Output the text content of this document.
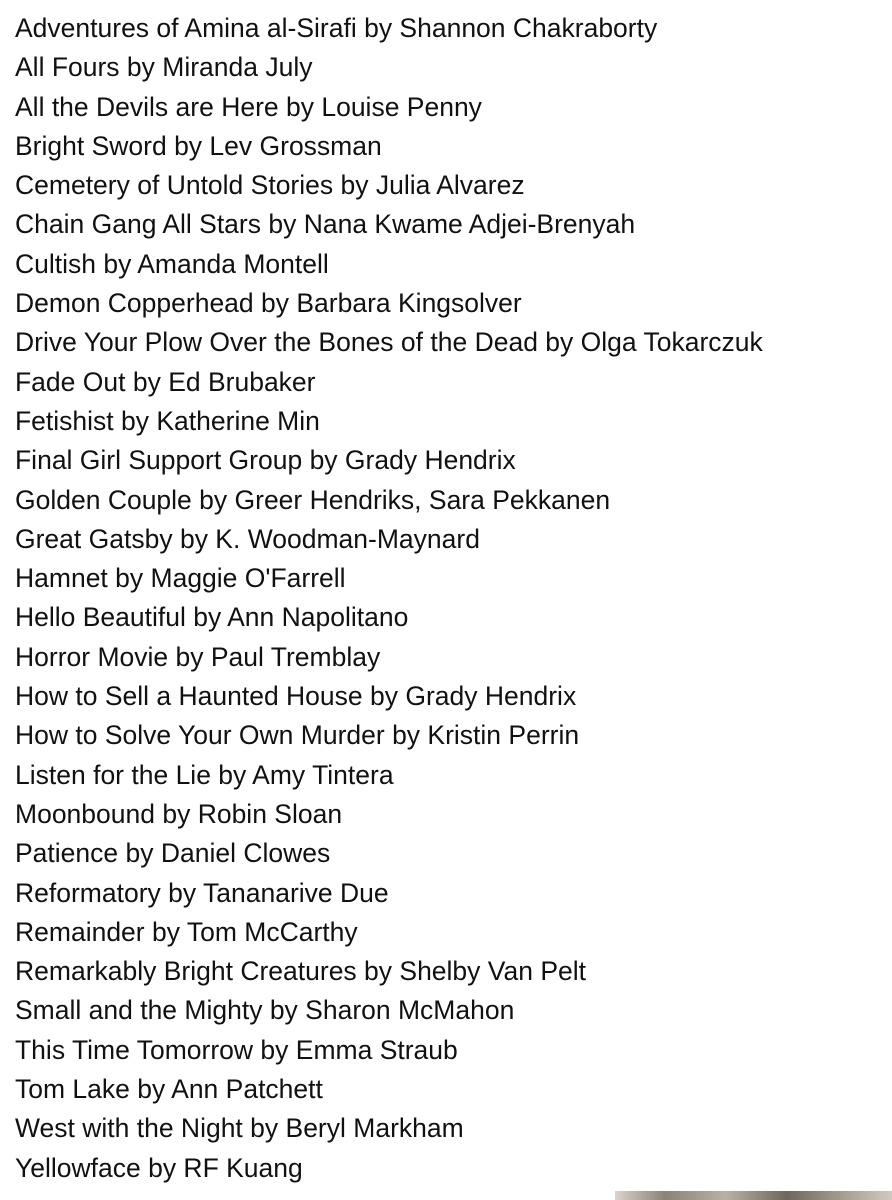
Adventures of Amina al-Sirafi by Shannon Chakraborty
All Fours by Miranda July
All the Devils are Here by Louise Penny
Bright Sword by Lev Grossman
Cemetery of Untold Stories by Julia Alvarez
Chain Gang All Stars by Nana Kwame Adjei-Brenyah
Cultish by Amanda Montell
Demon Copperhead by Barbara Kingsolver
Drive Your Plow Over the Bones of the Dead by Olga Tokarczuk
Fade Out by Ed Brubaker
Fetishist by Katherine Min
Final Girl Support Group by Grady Hendrix
Golden Couple by Greer Hendriks, Sara Pekkanen
Great Gatsby by K. Woodman-Maynard
Hamnet by Maggie O'Farrell
Hello Beautiful by Ann Napolitano
Horror Movie by Paul Tremblay
How to Sell a Haunted House by Grady Hendrix
How to Solve Your Own Murder by Kristin Perrin
Listen for the Lie by Amy Tintera
Moonbound by Robin Sloan
Patience by Daniel Clowes
Reformatory by Tananarive Due
Remainder by Tom McCarthy
Remarkably Bright Creatures by Shelby Van Pelt
Small and the Mighty by Sharon McMahon
This Time Tomorrow by Emma Straub
Tom Lake by Ann Patchett
West with the Night by Beryl Markham
Yellowface by RF Kuang
